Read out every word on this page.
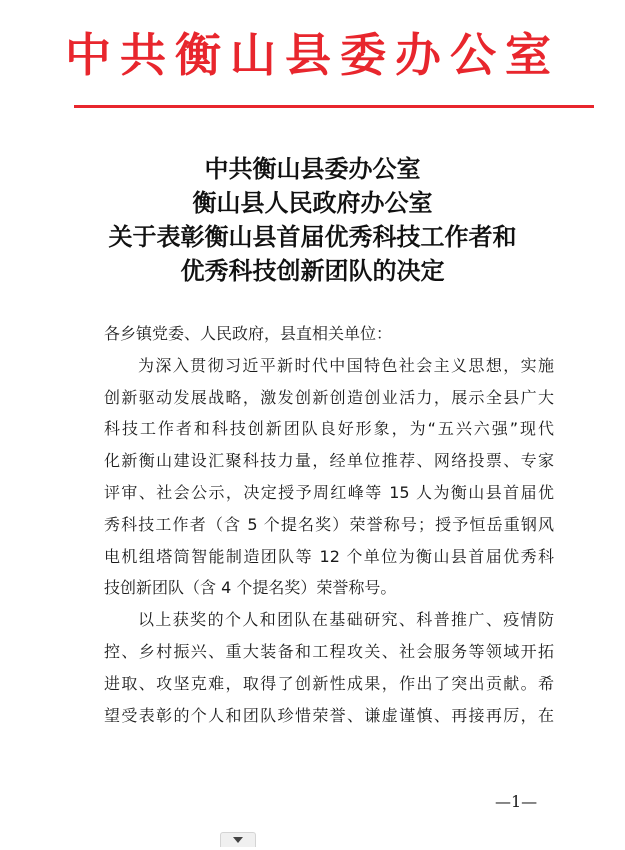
中共衡山县委办公室
中共衡山县委办公室
衡山县人民政府办公室
关于表彰衡山县首届优秀科技工作者和
优秀科技创新团队的决定
各乡镇党委、人民政府，县直相关单位：
为深入贯彻习近平新时代中国特色社会主义思想，实施
创新驱动发展战略，激发创新创造创业活力，展示全县广大
科技工作者和科技创新团队良好形象，为“五兴六强”现代
化新衡山建设汇聚科技力量，经单位推荐、网络投票、专家
评审、社会公示，决定授予周红峰等 15 人为衡山县首届优
秀科技工作者（含 5 个提名奖）荣誉称号；授予恒岳重钢风
电机组塔筒智能制造团队等 12 个单位为衡山县首届优秀科
技创新团队（含 4 个提名奖）荣誉称号。
以上获奖的个人和团队在基础研究、科普推广、疫情防
控、乡村振兴、重大装备和工程攻关、社会服务等领域开拓
进取、攻坚克难，取得了创新性成果，作出了突出贡献。希
望受表彰的个人和团队珍惜荣誉、谦虚谨慎、再接再厉，在
—1—
